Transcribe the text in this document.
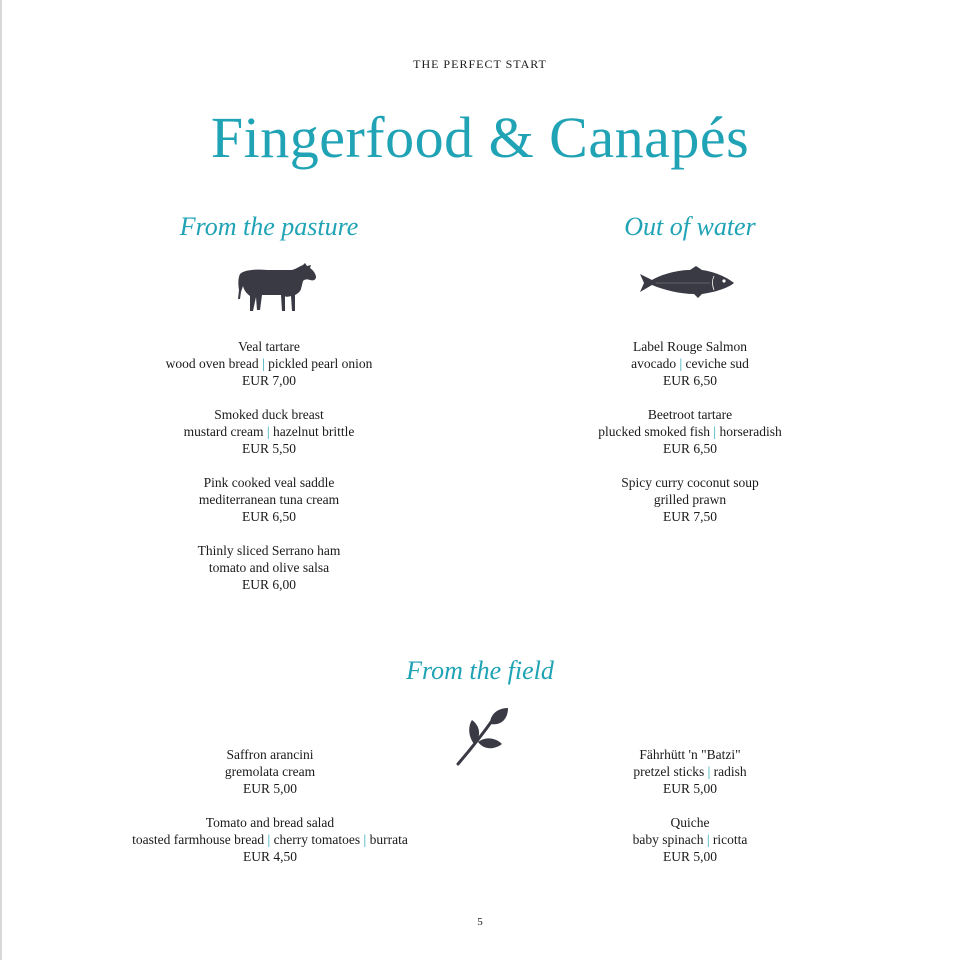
THE PERFECT START
Fingerfood & Canapés
From the pasture
Veal tartare
wood oven bread | pickled pearl onion
EUR 7,00
Smoked duck breast
mustard cream | hazelnut brittle
EUR 5,50
Pink cooked veal saddle
mediterranean tuna cream
EUR 6,50
Thinly sliced Serrano ham
tomato and olive salsa
EUR 6,00
Out of water
Label Rouge Salmon
avocado | ceviche sud
EUR 6,50
Beetroot tartare
plucked smoked fish | horseradish
EUR 6,50
Spicy curry coconut soup
grilled prawn
EUR 7,50
From the field
Saffron arancini
gremolata cream
EUR 5,00
Tomato and bread salad
toasted farmhouse bread | cherry tomatoes | burrata
EUR 4,50
Fährhütt 'n "Batzi"
pretzel sticks | radish
EUR 5,00
Quiche
baby spinach | ricotta
EUR 5,00
5
